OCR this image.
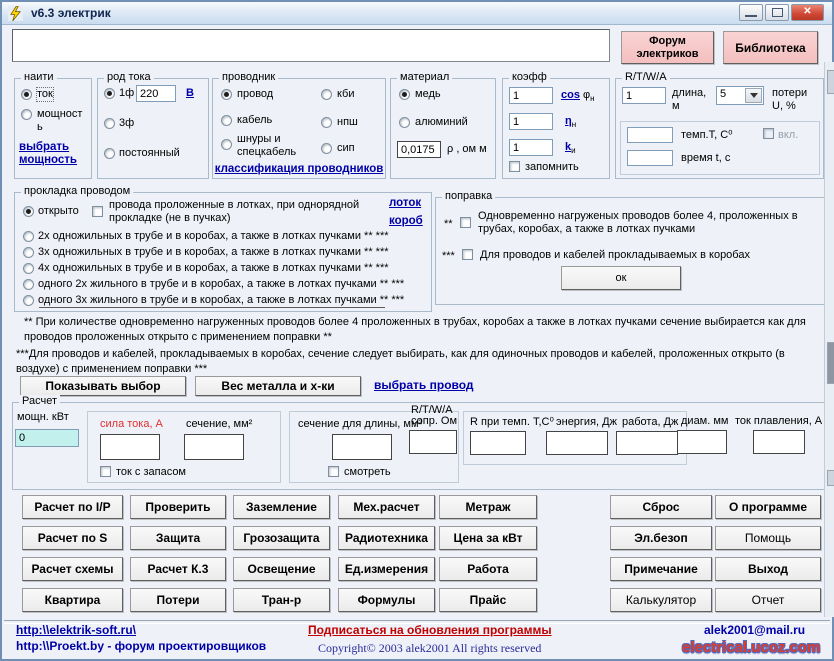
v6.3 электрик	✕
Форум электриков	Библиотека
наити
ток
мощность
выбрать мощность
род тока
1ф
220	В
3ф
постоянный
проводник
провод
кабель
шнуры и спецкабель
кби
нпш
сип
классификация проводников
материал
медь
алюминий
0,0175
ρ , ом м
коэфф
1
$\cos \varphi_н$
1
$\eta_н$
1
$k_и$
запомнить
R/T/W/A
1
длина, м
5	потери U, %
темп.Т, С⁰	вкл.
время t, с
прокладка проводом
открыто	провода проложенные в лотках, при однорядной прокладке (не в пучках)
лоток
короб
2х одножильных в трубе и в коробах, а также в лотках пучками ** ***
3х одножильных в трубе и в коробах, а также в лотках пучками ** ***
4х одножильных в трубе и в коробах, а также в лотках пучками ** ***
одного 2х жильного в трубе и в коробах, а также в лотках пучками ** ***
одного 3х жильного в трубе и в коробах, а также в лотках пучками ** ***
поправка
**
Одновременно нагруженых проводов более 4, проложенных в трубах, коробах, а также в лотках пучками
*** Для проводов и кабелей прокладываемых в коробах
ок
** При количестве одновременно нагруженных проводов более 4 проложенных в трубах, коробах а также в лотках пучками сечение выбирается как для проводов проложенных открыто с применением поправки **
***Для проводов и кабелей, прокладываемых в коробах, сечение следует выбирать, как для одиночных проводов и кабелей, проложенных открыто (в воздухе) с применением поправки ***
Показывать выбор	Вес металла и х-ки	выбрать провод
Расчет
мощн. кВт
0
сила тока, А сечение, мм²
ток с запасом
сечение для длины, мм²
смотреть
R/T/W/A
сопр. Ом R при темп. Т,С⁰ энергия, Дж работа, Дж диам. мм ток плавления, А
Расчет по I/P	Проверить	Заземление	Мех.расчет	Метраж	Сброс	О программе
Расчет по S	Защита	Грозозащита	Радиотехника	Цена за кВт	Эл.безоп	Помощь
Расчет схемы	Расчет К.3	Освещение	Ед.измерения	Работа	Примечание	Выход
Квартира	Потери	Тран-р	Формулы	Прайс	Калькулятор	Отчет
http:\\elektrik-soft.ru\	Подписаться на обновления программы	alek2001@mail.ru
http:\\Proekt.by - форум проектировщиков	Copyright© 2003 alek2001 All rights reserved	electrical.ucoz.com
